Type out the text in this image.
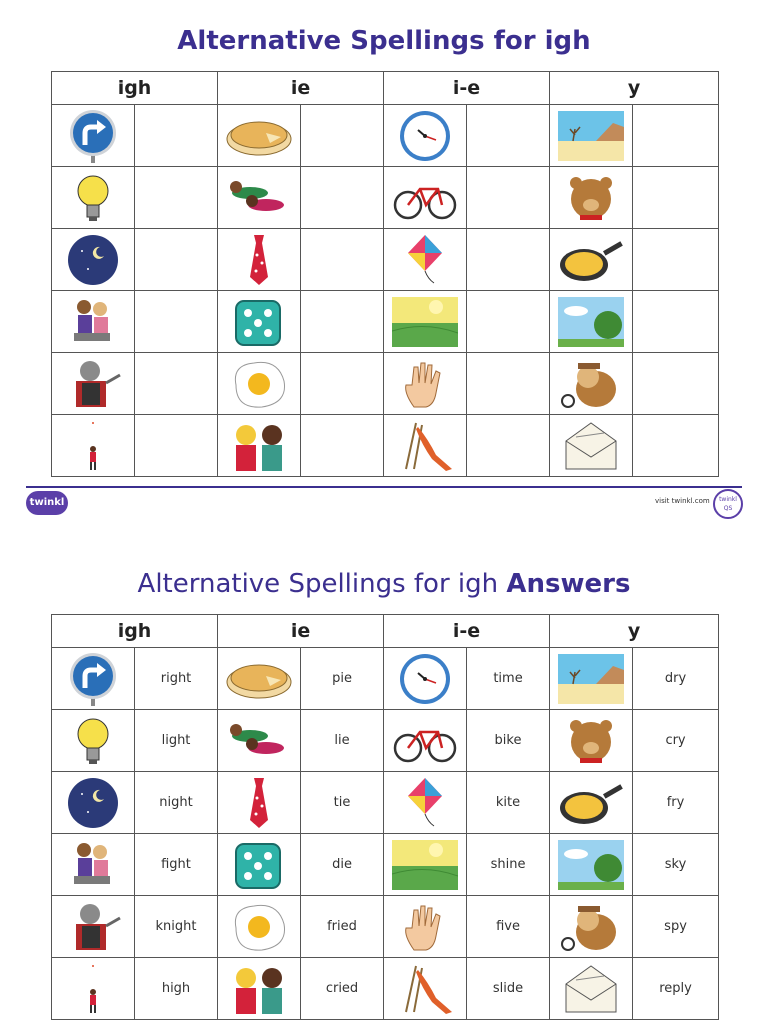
Alternative Spellings for igh
igh		ie		i-e		y	

twinkl	visit twinkl.com	twinkl
QS
Alternative Spellings for igh Answers
igh		ie		i-e		y	

	right		pie		time		dry

	light		lie		bike		cry

	night		tie		kite		fry

	fight		die		shine		sky

	knight		fried		five		spy

	high		cried		slide		reply
